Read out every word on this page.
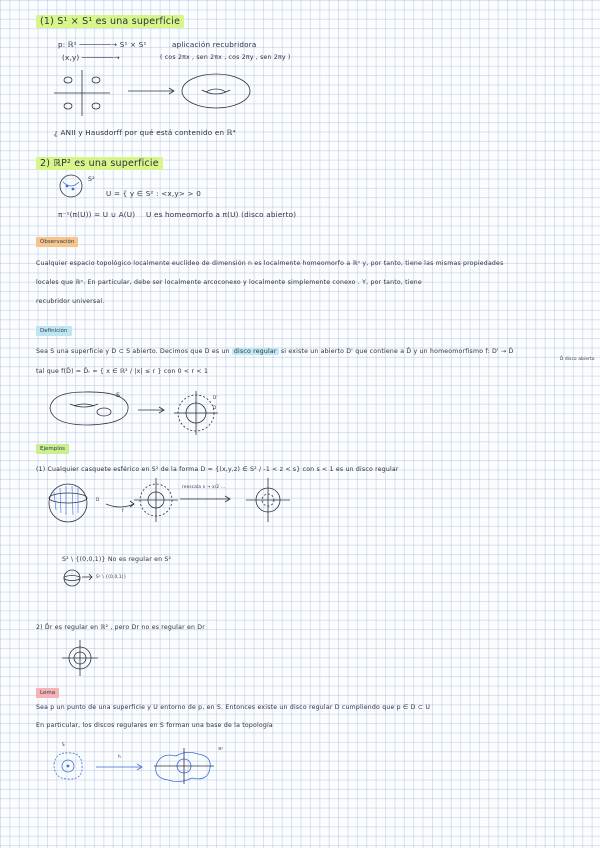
(1) S¹ × S¹ es una superficie
p: ℝ² ───────→ S¹ × S¹	aplicación recubridora
(x,y) ───────→	( cos 2πx , sen 2πx , cos 2πy , sen 2πy )
¿ ANII y Hausdorff por qué está contenido en ℝ⁴
2) ℝP² es una superficie
S²
U = { y ∈ S² : <x,y> > 0
π⁻¹(π(U)) = U ∪ A(U) U es homeomorfo a π(U) (disco abierto)
Observación
Cualquier espacio topológico localmente euclídeo de dimensión n es localmente homeomorfo a ℝⁿ y, por tanto, tiene las mismas propiedades
locales que ℝⁿ. En particular, debe ser localmente arcoconexo y localmente simplemente conexo . Y, por tanto, tiene
recubridor universal.
Definición
Sea S una superficie y D ⊂ S abierto. Decimos que D es un disco regular si existe un abierto D' que contiene a D̄ y un homeomorfismo f: D' → D̃
D̃ disco abierto
tal que f(D̄) = D̄ᵣ = { x ∈ ℝ² / |x| ≤ r } con 0 < r < 1
S	D'
D
Ejemplos
(1) Cualquier casquete esférico en S² de la forma D = {(x,y,z) ∈ S² / -1 < z < s} con s < 1 es un disco regular
D
f
reescala x → x/2 ...
S² \ {(0,0,1)} No es regular en S²
S² \ {(0,0,1)}
2) D̄r es regular en ℝ² , pero Dr no es regular en Dr
Lema
Sea p un punto de una superficie y U entorno de p, en S. Entonces existe un disco regular D cumpliendo que p ∈ D ⊂ U
En particular, los discos regulares en S forman una base de la topología
S
h
ℝ²
